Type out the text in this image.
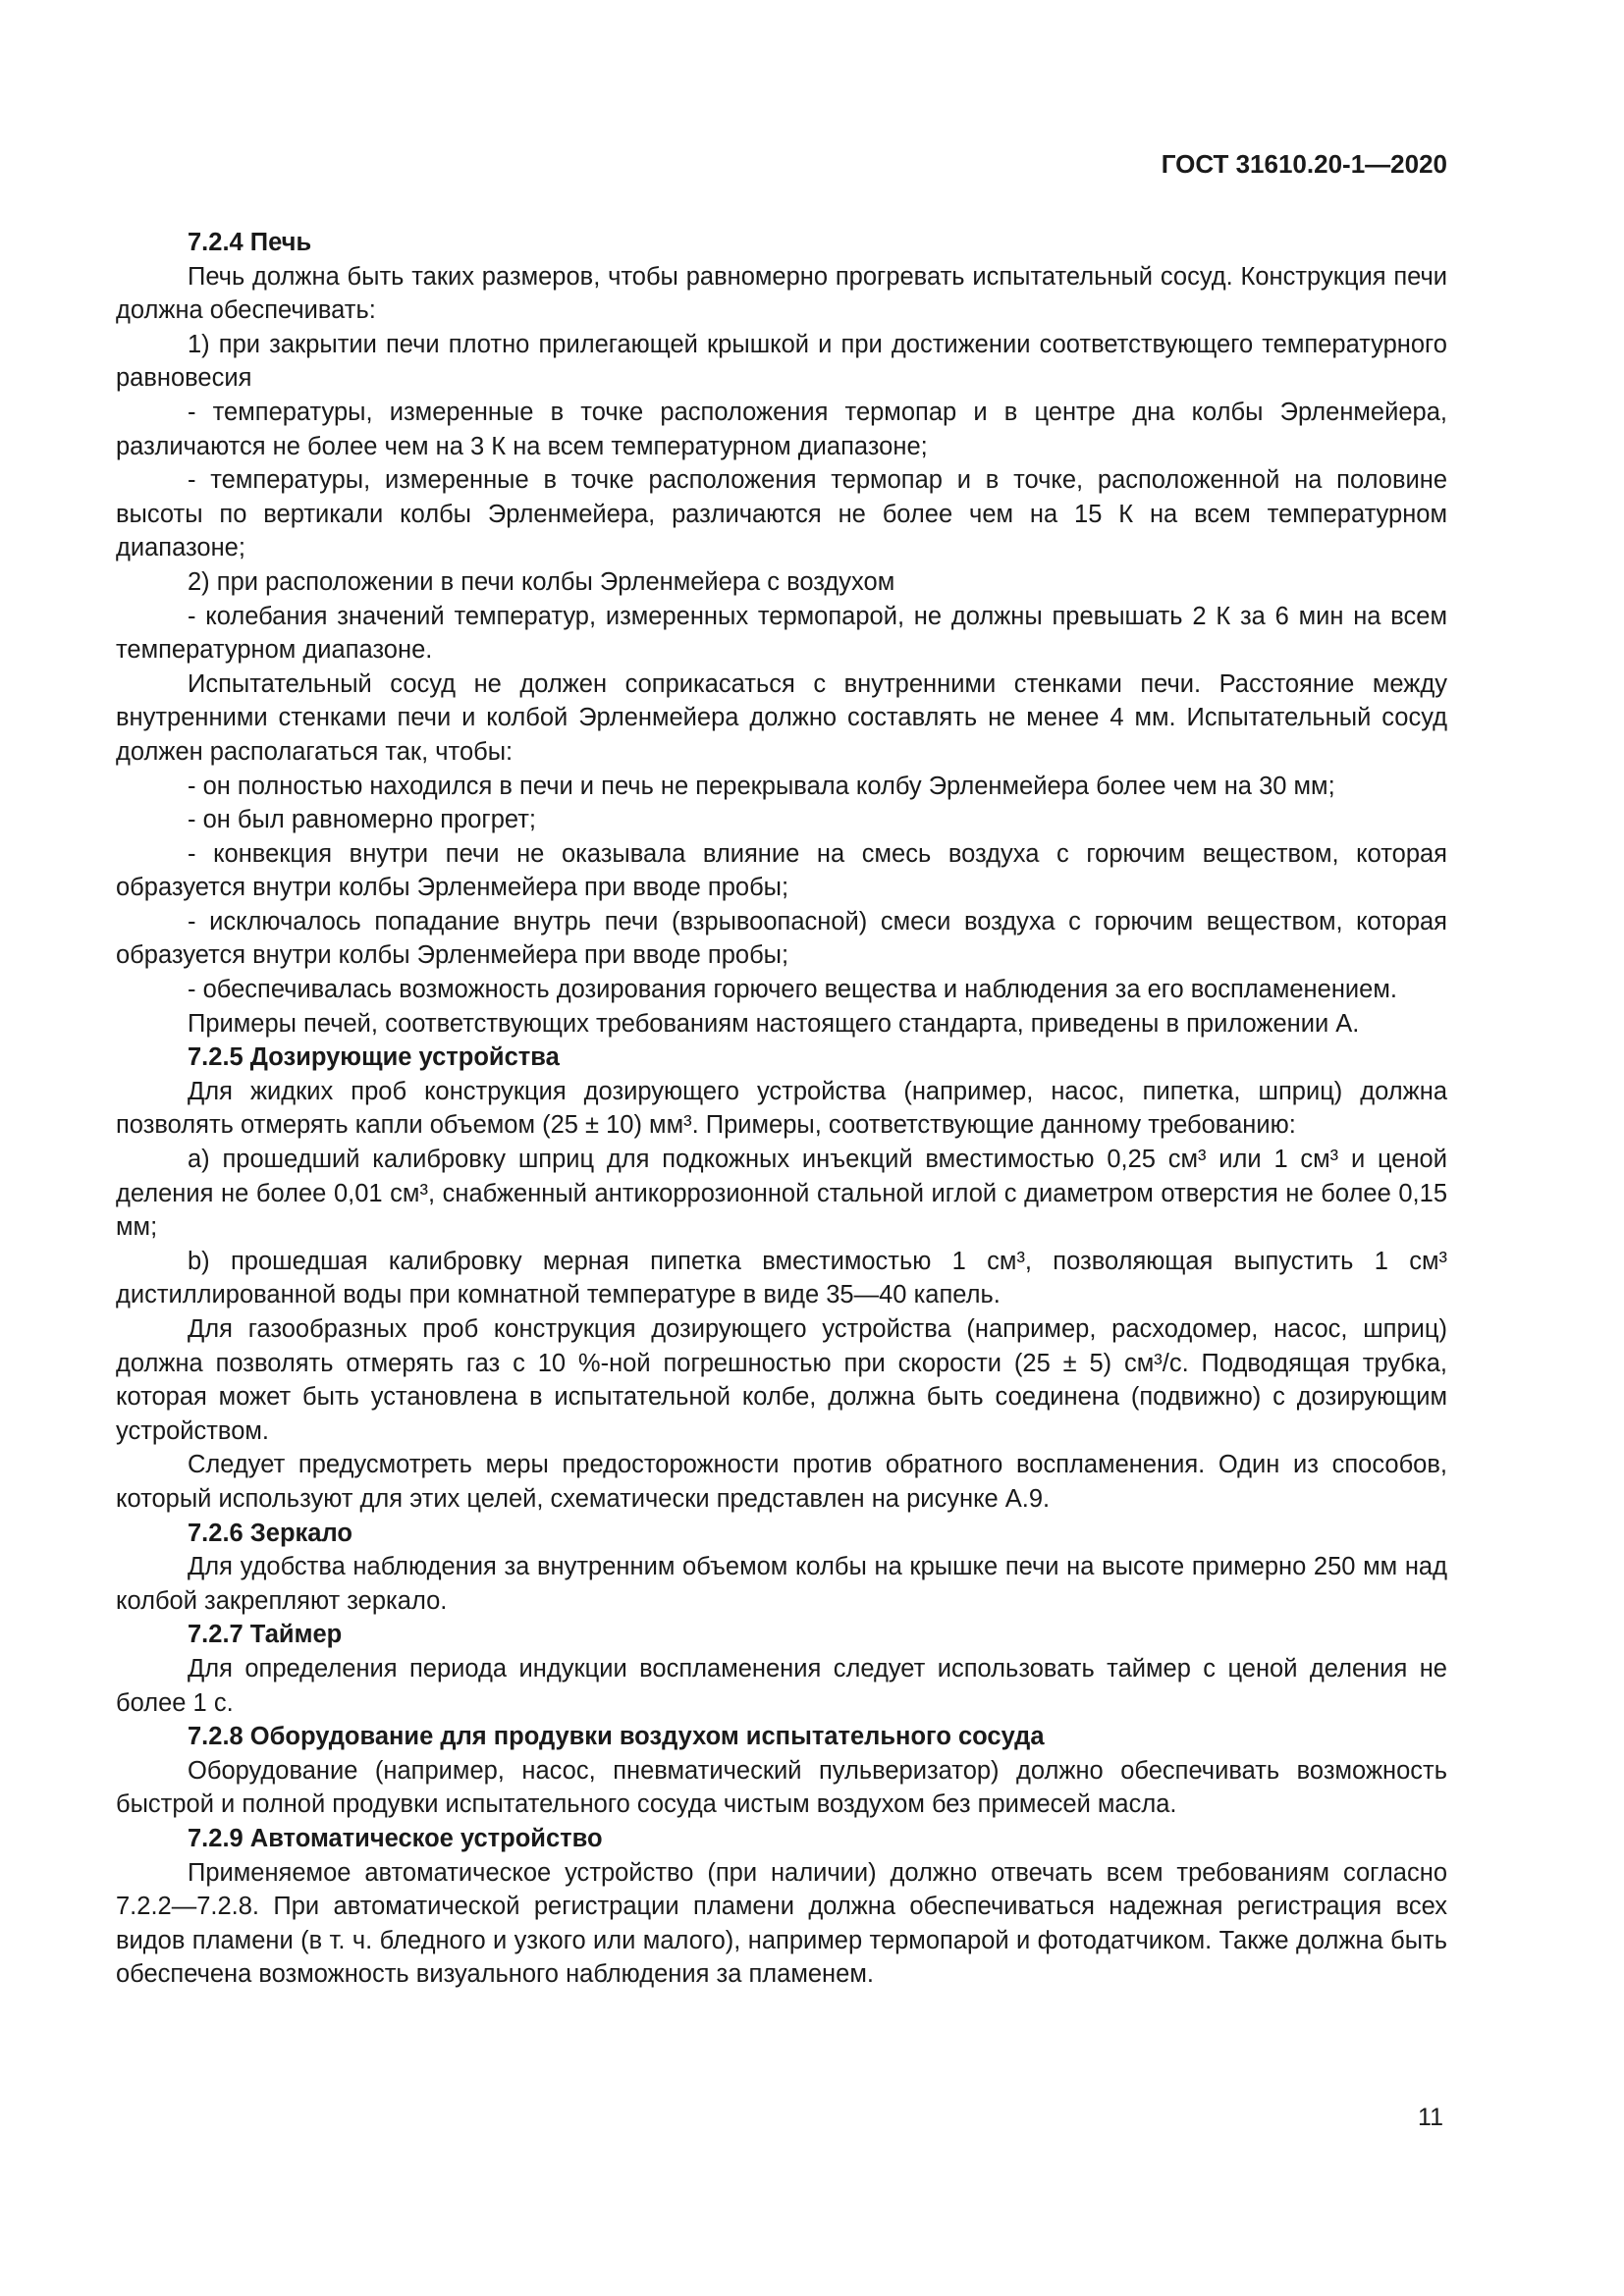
ГОСТ 31610.20-1—2020

7.2.4 Печь

Печь должна быть таких размеров, чтобы равномерно прогревать испытательный сосуд. Конструкция печи должна обеспечивать:

1) при закрытии печи плотно прилегающей крышкой и при достижении соответствующего температурного равновесия

- температуры, измеренные в точке расположения термопар и в центре дна колбы Эрленмейера, различаются не более чем на 3 К на всем температурном диапазоне;

- температуры, измеренные в точке расположения термопар и в точке, расположенной на половине высоты по вертикали колбы Эрленмейера, различаются не более чем на 15 К на всем температурном диапазоне;

2) при расположении в печи колбы Эрленмейера с воздухом

- колебания значений температур, измеренных термопарой, не должны превышать 2 К за 6 мин на всем температурном диапазоне.

Испытательный сосуд не должен соприкасаться с внутренними стенками печи. Расстояние между внутренними стенками печи и колбой Эрленмейера должно составлять не менее 4 мм. Испытательный сосуд должен располагаться так, чтобы:

- он полностью находился в печи и печь не перекрывала колбу Эрленмейера более чем на 30 мм;

- он был равномерно прогрет;

- конвекция внутри печи не оказывала влияние на смесь воздуха с горючим веществом, которая образуется внутри колбы Эрленмейера при вводе пробы;

- исключалось попадание внутрь печи (взрывоопасной) смеси воздуха с горючим веществом, которая образуется внутри колбы Эрленмейера при вводе пробы;

- обеспечивалась возможность дозирования горючего вещества и наблюдения за его воспламенением.

Примеры печей, соответствующих требованиям настоящего стандарта, приведены в приложении А.

7.2.5 Дозирующие устройства

Для жидких проб конструкция дозирующего устройства (например, насос, пипетка, шприц) должна позволять отмерять капли объемом (25 ± 10) мм³. Примеры, соответствующие данному требованию:

a) прошедший калибровку шприц для подкожных инъекций вместимостью 0,25 см³ или 1 см³ и ценой деления не более 0,01 см³, снабженный антикоррозионной стальной иглой с диаметром отверстия не более 0,15 мм;

b) прошедшая калибровку мерная пипетка вместимостью 1 см³, позволяющая выпустить 1 см³ дистиллированной воды при комнатной температуре в виде 35—40 капель.

Для газообразных проб конструкция дозирующего устройства (например, расходомер, насос, шприц) должна позволять отмерять газ с 10 %-ной погрешностью при скорости (25 ± 5) см³/с. Подводящая трубка, которая может быть установлена в испытательной колбе, должна быть соединена (подвижно) с дозирующим устройством.

Следует предусмотреть меры предосторожности против обратного воспламенения. Один из способов, который используют для этих целей, схематически представлен на рисунке А.9.

7.2.6 Зеркало

Для удобства наблюдения за внутренним объемом колбы на крышке печи на высоте примерно 250 мм над колбой закрепляют зеркало.

7.2.7 Таймер

Для определения периода индукции воспламенения следует использовать таймер с ценой деления не более 1 с.

7.2.8 Оборудование для продувки воздухом испытательного сосуда

Оборудование (например, насос, пневматический пульверизатор) должно обеспечивать возможность быстрой и полной продувки испытательного сосуда чистым воздухом без примесей масла.

7.2.9 Автоматическое устройство

Применяемое автоматическое устройство (при наличии) должно отвечать всем требованиям согласно 7.2.2—7.2.8. При автоматической регистрации пламени должна обеспечиваться надежная регистрация всех видов пламени (в т. ч. бледного и узкого или малого), например термопарой и фотодатчиком. Также должна быть обеспечена возможность визуального наблюдения за пламенем.

11
